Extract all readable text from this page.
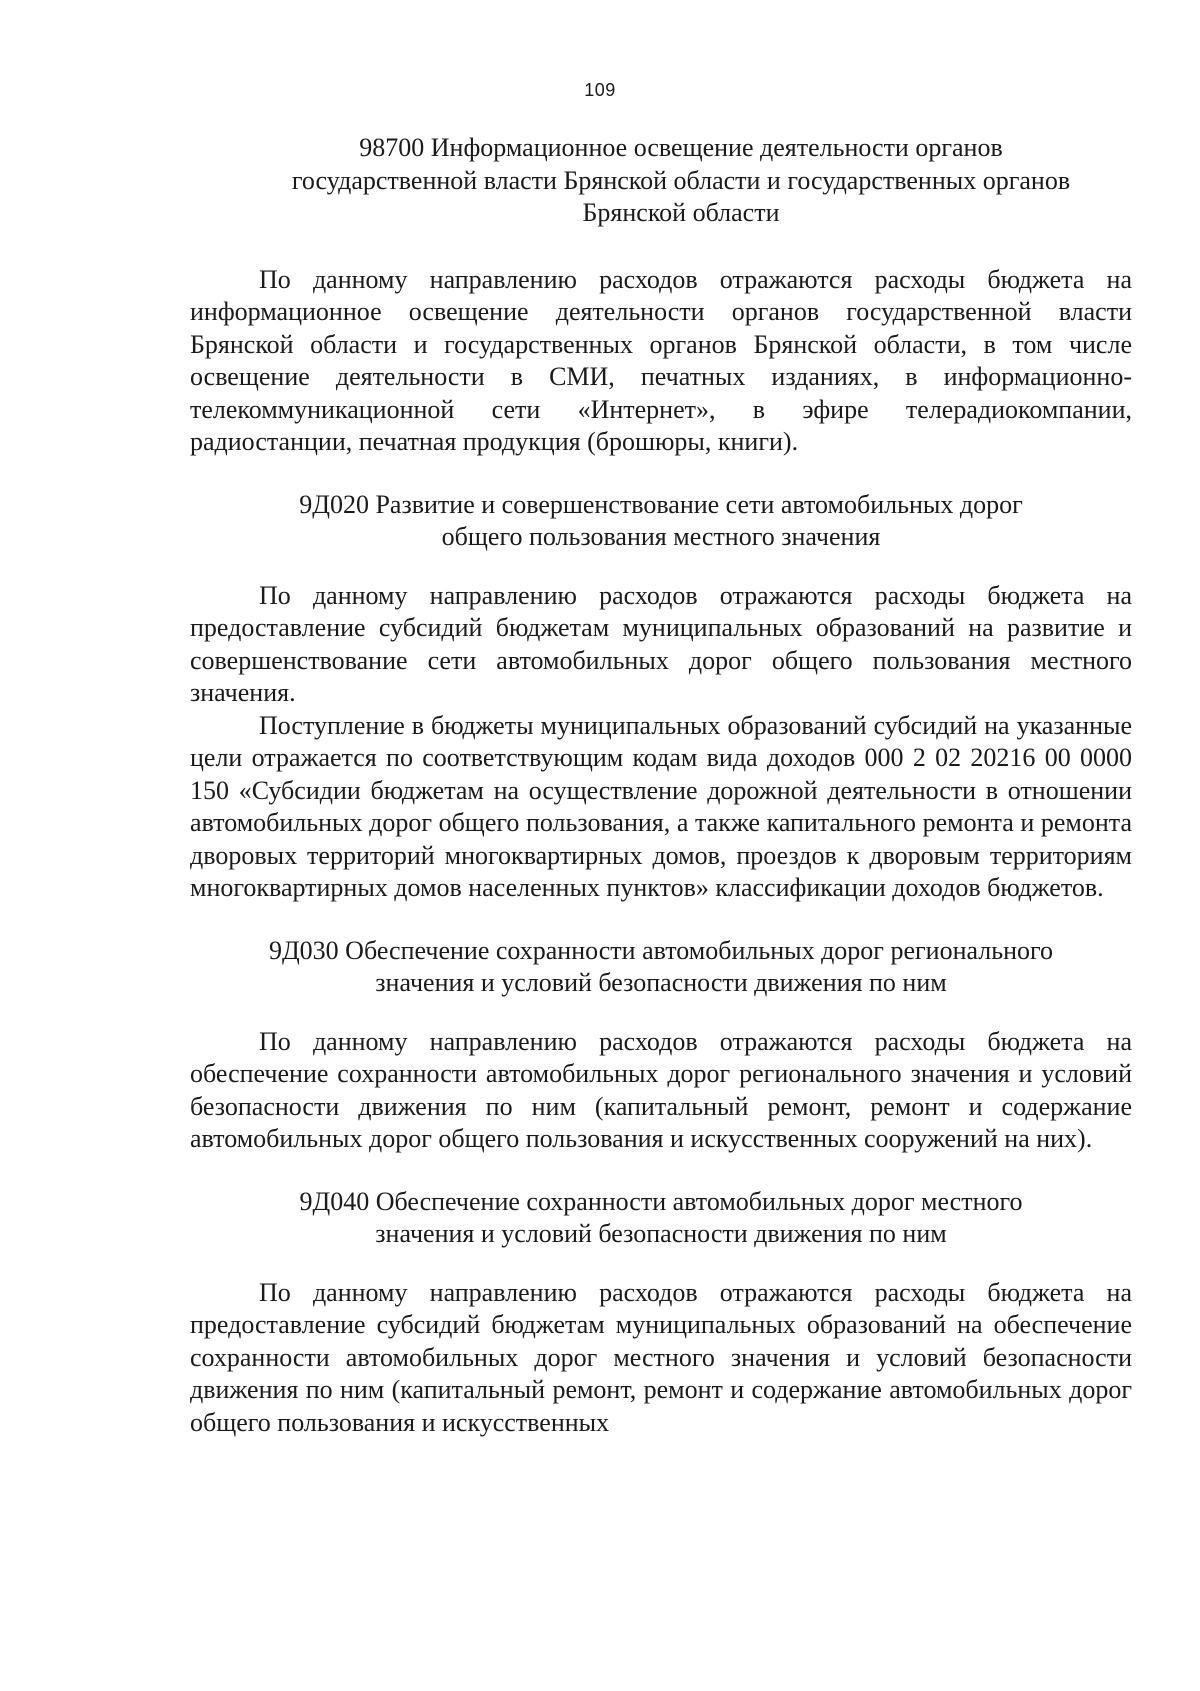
109
98700 Информационное освещение деятельности органов
государственной власти Брянской области и государственных органов
Брянской области

По данному направлению расходов отражаются расходы бюджета на информационное освещение деятельности органов государственной власти Брянской области и государственных органов Брянской области, в том числе освещение деятельности в СМИ, печатных изданиях, в информационно-телекоммуникационной сети «Интернет», в эфире телерадиокомпании, радиостанции, печатная продукция (брошюры, книги).

9Д020 Развитие и совершенствование сети автомобильных дорог
общего пользования местного значения

По данному направлению расходов отражаются расходы бюджета на предоставление субсидий бюджетам муниципальных образований на развитие и совершенствование сети автомобильных дорог общего пользования местного значения.

Поступление в бюджеты муниципальных образований субсидий на указанные цели отражается по соответствующим кодам вида доходов 000 2 02 20216 00 0000 150 «Субсидии бюджетам на осуществление дорожной деятельности в отношении автомобильных дорог общего пользования, а также капитального ремонта и ремонта дворовых территорий многоквартирных домов, проездов к дворовым территориям многоквартирных домов населенных пунктов» классификации доходов бюджетов.

9Д030 Обеспечение сохранности автомобильных дорог регионального
значения и условий безопасности движения по ним

По данному направлению расходов отражаются расходы бюджета на обеспечение сохранности автомобильных дорог регионального значения и условий безопасности движения по ним (капитальный ремонт, ремонт и содержание автомобильных дорог общего пользования и искусственных сооружений на них).

9Д040 Обеспечение сохранности автомобильных дорог местного
значения и условий безопасности движения по ним

По данному направлению расходов отражаются расходы бюджета на предоставление субсидий бюджетам муниципальных образований на обеспечение сохранности автомобильных дорог местного значения и условий безопасности движения по ним (капитальный ремонт, ремонт и содержание автомобильных дорог общего пользования и искусственных
